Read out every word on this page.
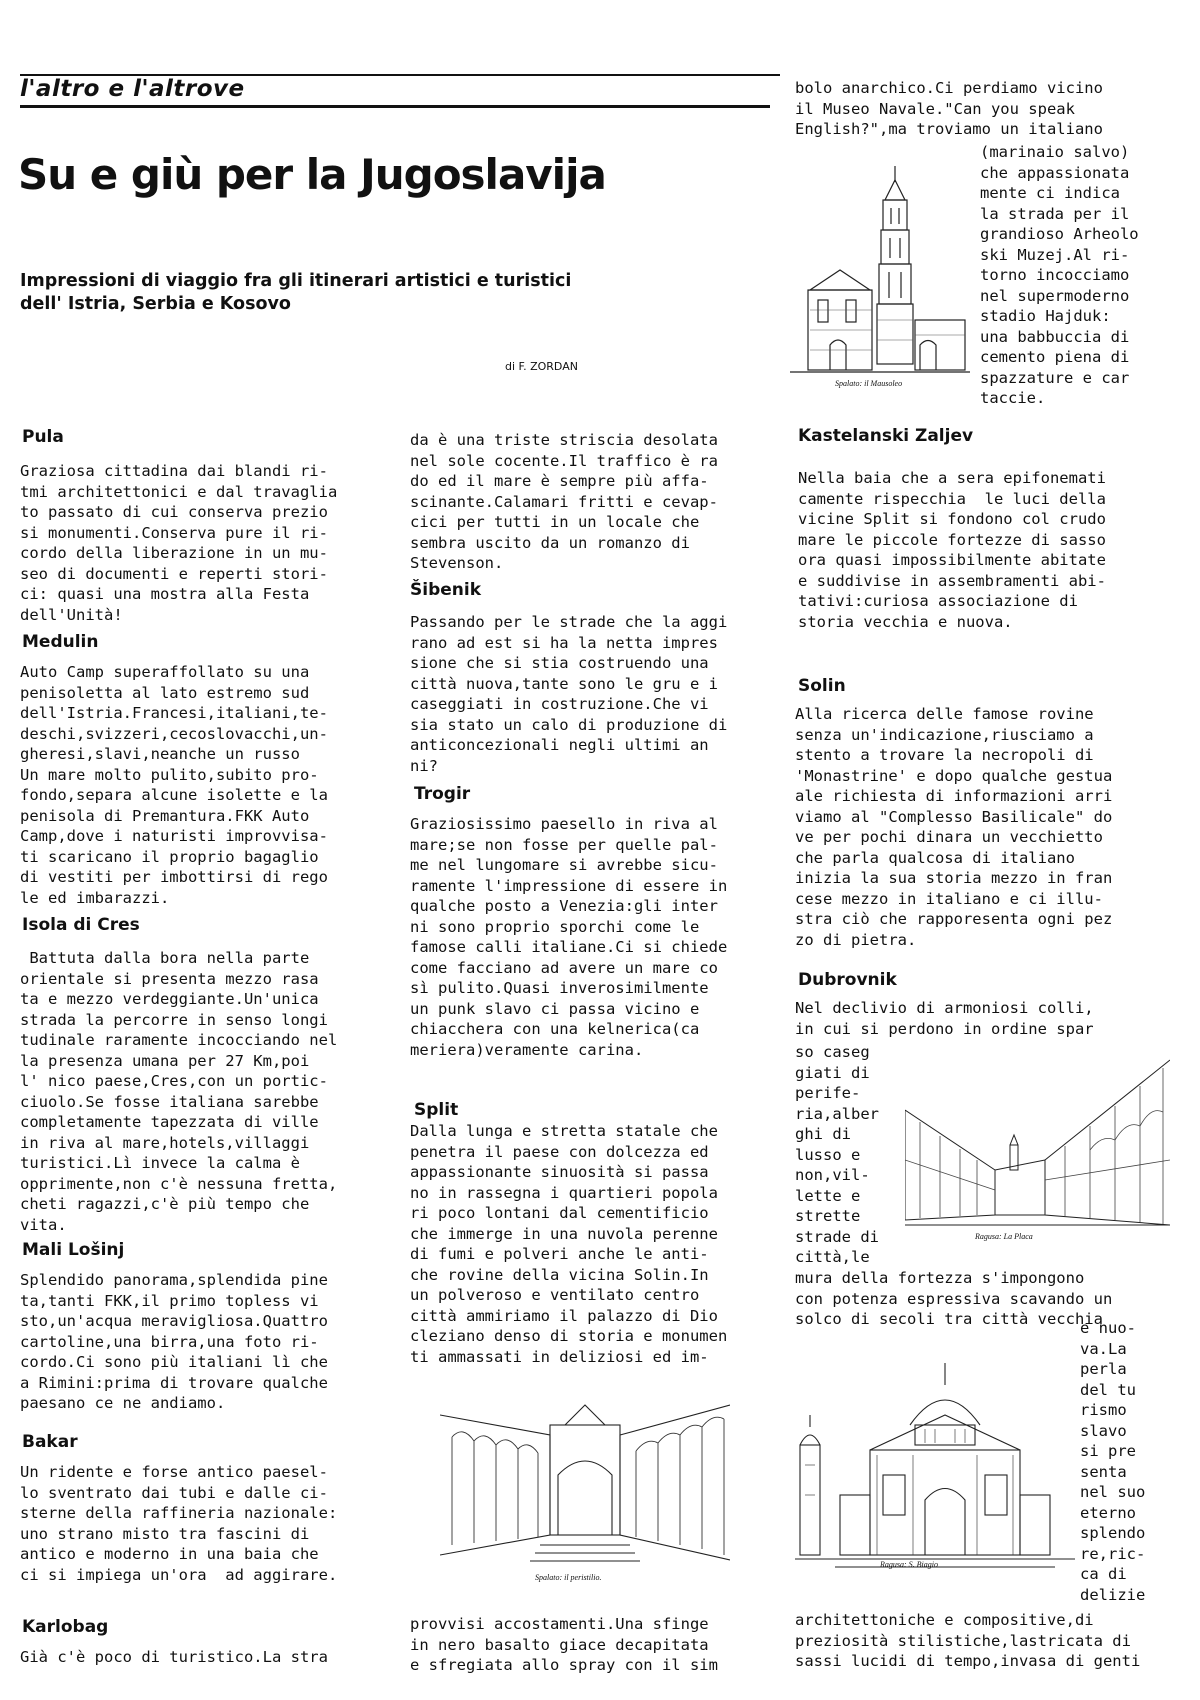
l'altro e l'altrove
Su e giù per la Jugoslavija
Impressioni di viaggio fra gli itinerari artistici e turistici
dell' Istria, Serbia e Kosovo
di F. ZORDAN
bolo anarchico.Ci perdiamo vicino
il Museo Navale."Can you speak
English?",ma troviamo un italiano
(marinaio salvo)
che appassionata
mente ci indica
la strada per il
grandioso Arheolo
ski Muzej.Al ri-
torno incocciamo
nel supermoderno
stadio Hajduk:
una babbuccia di
cemento piena di
spazzature e car
taccie.
Spalato: il Mausoleo
Pula
Graziosa cittadina dai blandi ri-
tmi architettonici e dal travaglia
to passato di cui conserva prezio
si monumenti.Conserva pure il ri-
cordo della liberazione in un mu-
seo di documenti e reperti stori-
ci: quasi una mostra alla Festa
dell'Unità!
Medulin
Auto Camp superaffollato su una
penisoletta al lato estremo sud
dell'Istria.Francesi,italiani,te-
deschi,svizzeri,cecoslovacchi,un-
gheresi,slavi,neanche un russo
Un mare molto pulito,subito pro-
fondo,separa alcune isolette e la
penisola di Premantura.FKK Auto
Camp,dove i naturisti improvvisa-
ti scaricano il proprio bagaglio
di vestiti per imbottirsi di rego
le ed imbarazzi.
Isola di Cres
Battuta dalla bora nella parte
orientale si presenta mezzo rasa
ta e mezzo verdeggiante.Un'unica
strada la percorre in senso longi
tudinale raramente incocciando nel
la presenza umana per 27 Km,poi
l' nico paese,Cres,con un portic-
ciuolo.Se fosse italiana sarebbe
completamente tapezzata di ville
in riva al mare,hotels,villaggi
turistici.Lì invece la calma è
opprimente,non c'è nessuna fretta,
cheti ragazzi,c'è più tempo che
vita.
Mali Lošinj
Splendido panorama,splendida pine
ta,tanti FKK,il primo topless vi
sto,un'acqua meravigliosa.Quattro
cartoline,una birra,una foto ri-
cordo.Ci sono più italiani lì che
a Rimini:prima di trovare qualche
paesano ce ne andiamo.
Bakar
Un ridente e forse antico paesel-
lo sventrato dai tubi e dalle ci-
sterne della raffineria nazionale:
uno strano misto tra fascini di
antico e moderno in una baia che
ci si impiega un'ora  ad aggirare.
Karlobag
Già c'è poco di turistico.La stra
da è una triste striscia desolata
nel sole cocente.Il traffico è ra
do ed il mare è sempre più affa-
scinante.Calamari fritti e cevap-
cici per tutti in un locale che
sembra uscito da un romanzo di
Stevenson.
Šibenik
Passando per le strade che la aggi
rano ad est si ha la netta impres
sione che si stia costruendo una
città nuova,tante sono le gru e i
caseggiati in costruzione.Che vi
sia stato un calo di produzione di
anticoncezionali negli ultimi an
ni?
Trogir
Graziosissimo paesello in riva al
mare;se non fosse per quelle pal-
me nel lungomare si avrebbe sicu-
ramente l'impressione di essere in
qualche posto a Venezia:gli inter
ni sono proprio sporchi come le
famose calli italiane.Ci si chiede
come facciano ad avere un mare co
sì pulito.Quasi inverosimilmente
un punk slavo ci passa vicino e
chiacchera con una kelnerica(ca
meriera)veramente carina.
Split
Dalla lunga e stretta statale che
penetra il paese con dolcezza ed
appassionante sinuosità si passa
no in rassegna i quartieri popola
ri poco lontani dal cementificio
che immerge in una nuvola perenne
di fumi e polveri anche le anti-
che rovine della vicina Solin.In
un polveroso e ventilato centro
città ammiriamo il palazzo di Dio
cleziano denso di storia e monumen
ti ammassati in deliziosi ed im-
Spalato: il peristilio.
provvisi accostamenti.Una sfinge
in nero basalto giace decapitata
e sfregiata allo spray con il sim
Kastelanski Zaljev
Nella baia che a sera epifonemati
camente rispecchia  le luci della
vicine Split si fondono col crudo
mare le piccole fortezze di sasso
ora quasi impossibilmente abitate
e suddivise in assembramenti abi-
tativi:curiosa associazione di
storia vecchia e nuova.
Solin
Alla ricerca delle famose rovine
senza un'indicazione,riusciamo a
stento a trovare la necropoli di
'Monastrine' e dopo qualche gestua
ale richiesta di informazioni arri
viamo al "Complesso Basilicale" do
ve per pochi dinara un vecchietto
che parla qualcosa di italiano
inizia la sua storia mezzo in fran
cese mezzo in italiano e ci illu-
stra ciò che rapporesenta ogni pez
zo di pietra.
Dubrovnik
Nel declivio di armoniosi colli,
in cui si perdono in ordine spar
so caseg
giati di
perife-
ria,alber
ghi di
lusso e
non,vil-
lette e
strette
strade di
città,le
Ragusa: La Placa
mura della fortezza s'impongono
con potenza espressiva scavando un
solco di secoli tra città vecchia
e nuo-
va.La
perla
del tu
rismo
slavo
si pre
senta
nel suo
eterno
splendo
re,ric-
ca di
delizie
Ragusa: S. Biagio
architettoniche e compositive,di
preziosità stilistiche,lastricata di
sassi lucidi di tempo,invasa di genti
